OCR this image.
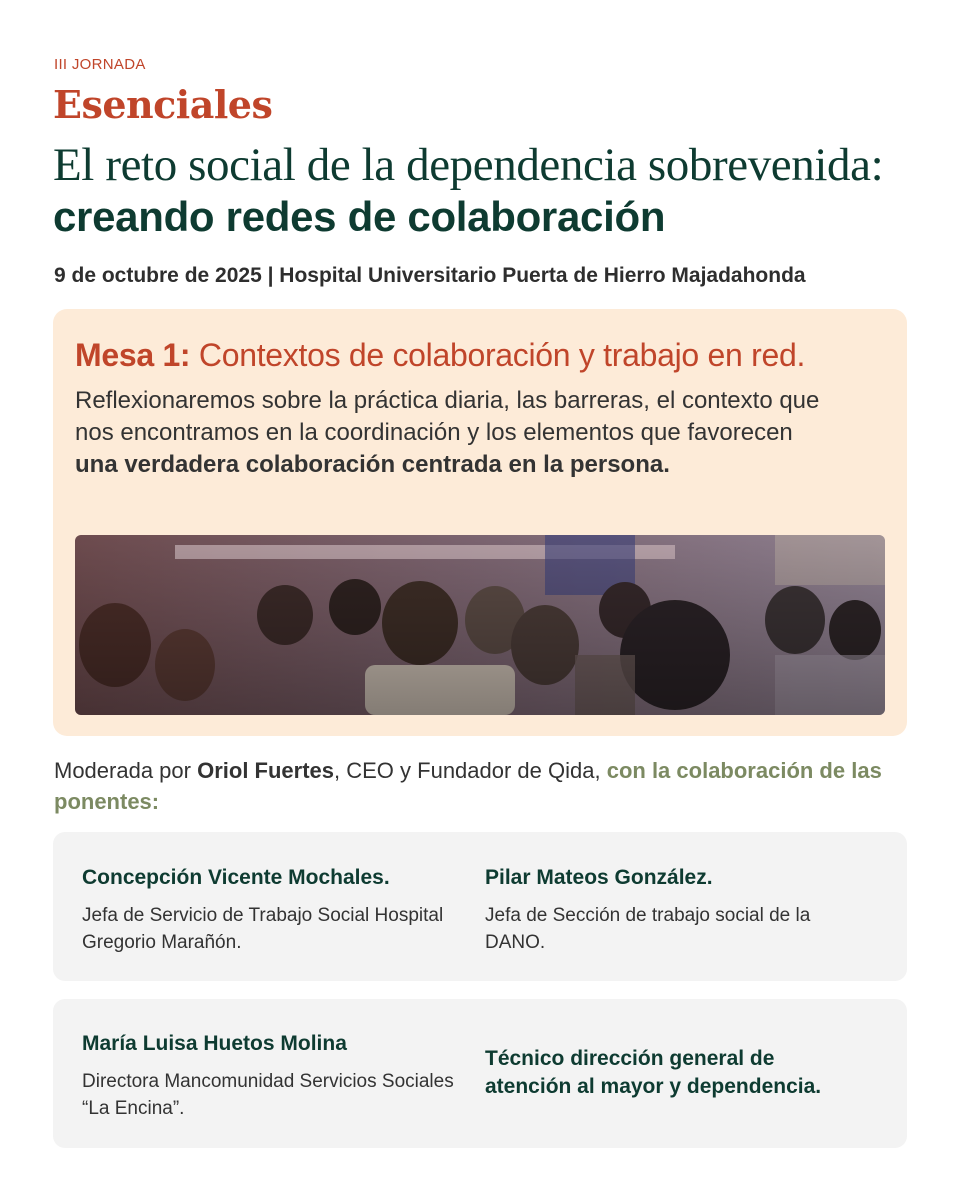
III JORNADA
Esenciales
El reto social de la dependencia sobrevenida:
creando redes de colaboración
9 de octubre de 2025 | Hospital Universitario Puerta de Hierro Majadahonda
Mesa 1: Contextos de colaboración y trabajo en red.
Reflexionaremos sobre la práctica diaria, las barreras, el contexto que nos encontramos en la coordinación y los elementos que favorecen una verdadera colaboración centrada en la persona.
Moderada por Oriol Fuertes, CEO y Fundador de Qida, con la colaboración de las ponentes:
Concepción Vicente Mochales.
Jefa de Servicio de Trabajo Social Hospital Gregorio Marañón.
Pilar Mateos González.
Jefa de Sección de trabajo social de la DANO.
María Luisa Huetos Molina
Directora Mancomunidad Servicios Sociales “La Encina”.
Técnico dirección general de atención al mayor y dependencia.
